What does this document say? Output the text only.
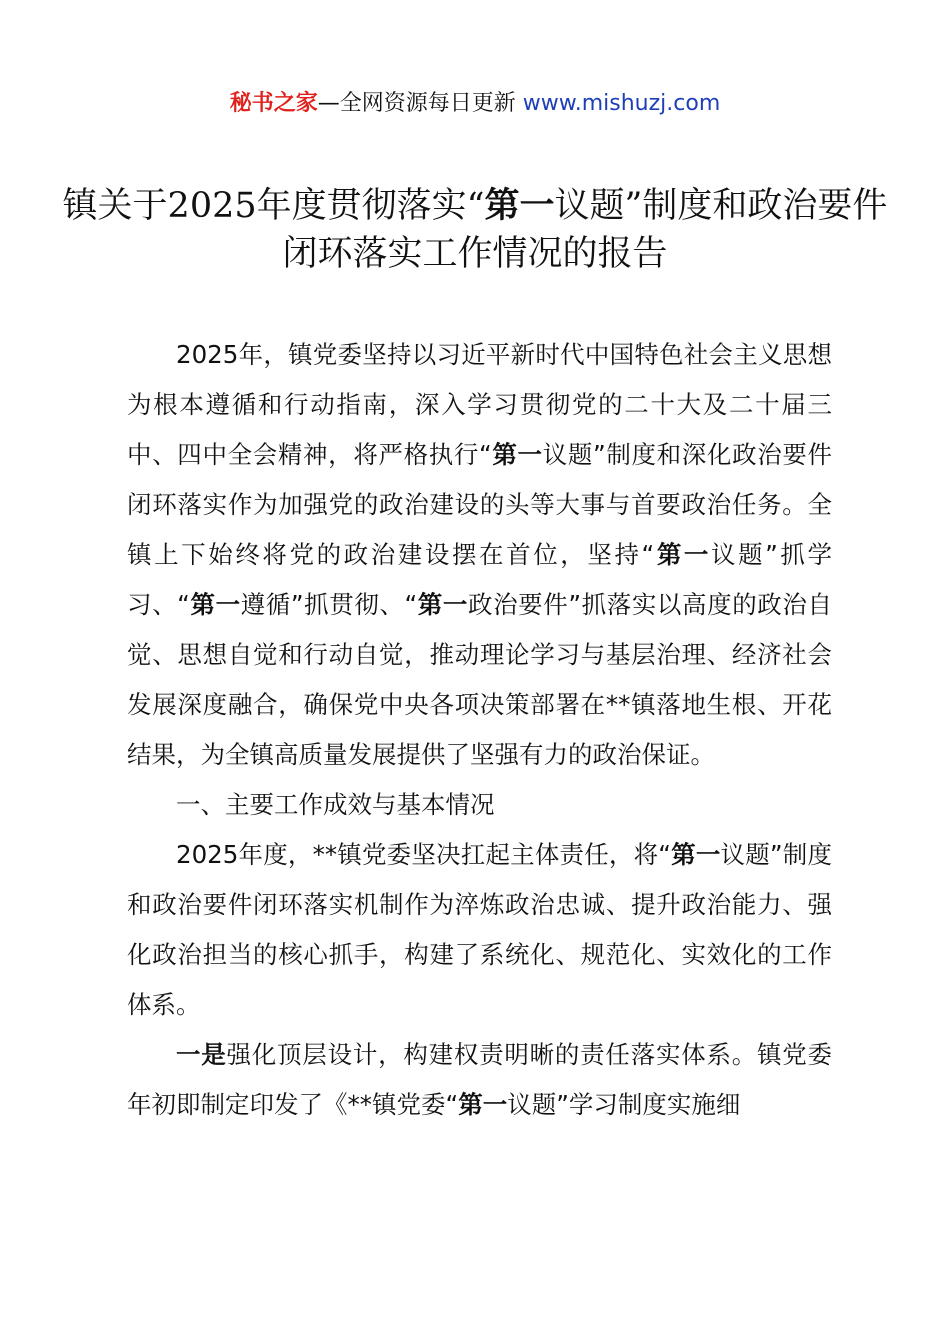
秘书之家—全网资源每日更新 www.mishuzj.com
镇关于2025年度贯彻落实“第一议题”制度和政治要件闭环落实工作情况的报告

2025年，镇党委坚持以习近平新时代中国特色社会主义思想为根本遵循和行动指南，深入学习贯彻党的二十大及二十届三中、四中全会精神，将严格执行“第一议题”制度和深化政治要件闭环落实作为加强党的政治建设的头等大事与首要政治任务。全镇上下始终将党的政治建设摆在首位，坚持“第一议题”抓学习、“第一遵循”抓贯彻、“第一政治要件”抓落实以高度的政治自觉、思想自觉和行动自觉，推动理论学习与基层治理、经济社会发展深度融合，确保党中央各项决策部署在**镇落地生根、开花结果，为全镇高质量发展提供了坚强有力的政治保证。

一、主要工作成效与基本情况

2025年度，**镇党委坚决扛起主体责任，将“第一议题”制度和政治要件闭环落实机制作为淬炼政治忠诚、提升政治能力、强化政治担当的核心抓手，构建了系统化、规范化、实效化的工作体系。

一是强化顶层设计，构建权责明晰的责任落实体系。镇党委年初即制定印发了《**镇党委“第一议题”学习制度实施细
